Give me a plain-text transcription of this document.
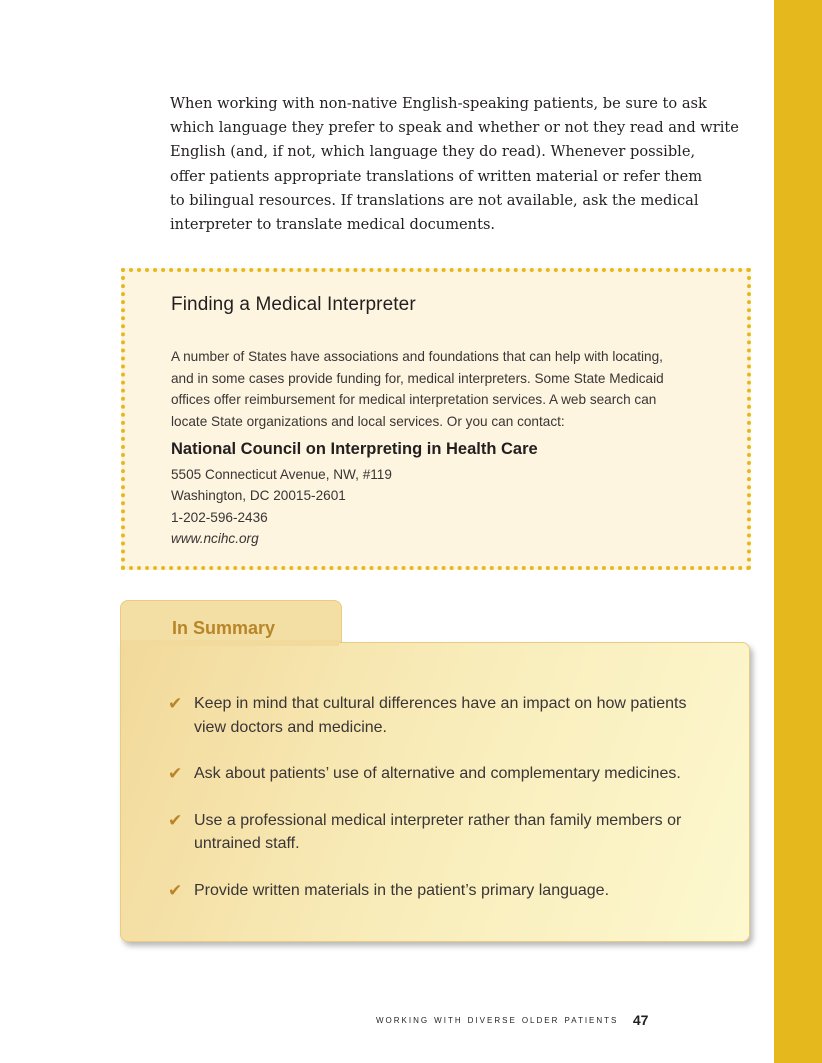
When working with non-native English-speaking patients, be sure to ask
which language they prefer to speak and whether or not they read and write
English (and, if not, which language they do read). Whenever possible,
offer patients appropriate translations of written material or refer them
to bilingual resources. If translations are not available, ask the medical
interpreter to translate medical documents.
Finding a Medical Interpreter
A number of States have associations and foundations that can help with locating,
and in some cases provide funding for, medical interpreters. Some State Medicaid
offices offer reimbursement for medical interpretation services. A web search can
locate State organizations and local services. Or you can contact:
National Council on Interpreting in Health Care
5505 Connecticut Avenue, NW, #119
Washington, DC 20015-2601
1-202-596-2436
www.ncihc.org
In Summary
✔ Keep in mind that cultural differences have an impact on how patients
view doctors and medicine.
✔ Ask about patients’ use of alternative and complementary medicines.
✔ Use a professional medical interpreter rather than family members or
untrained staff.
✔ Provide written materials in the patient’s primary language.
working with diverse older patients 47
